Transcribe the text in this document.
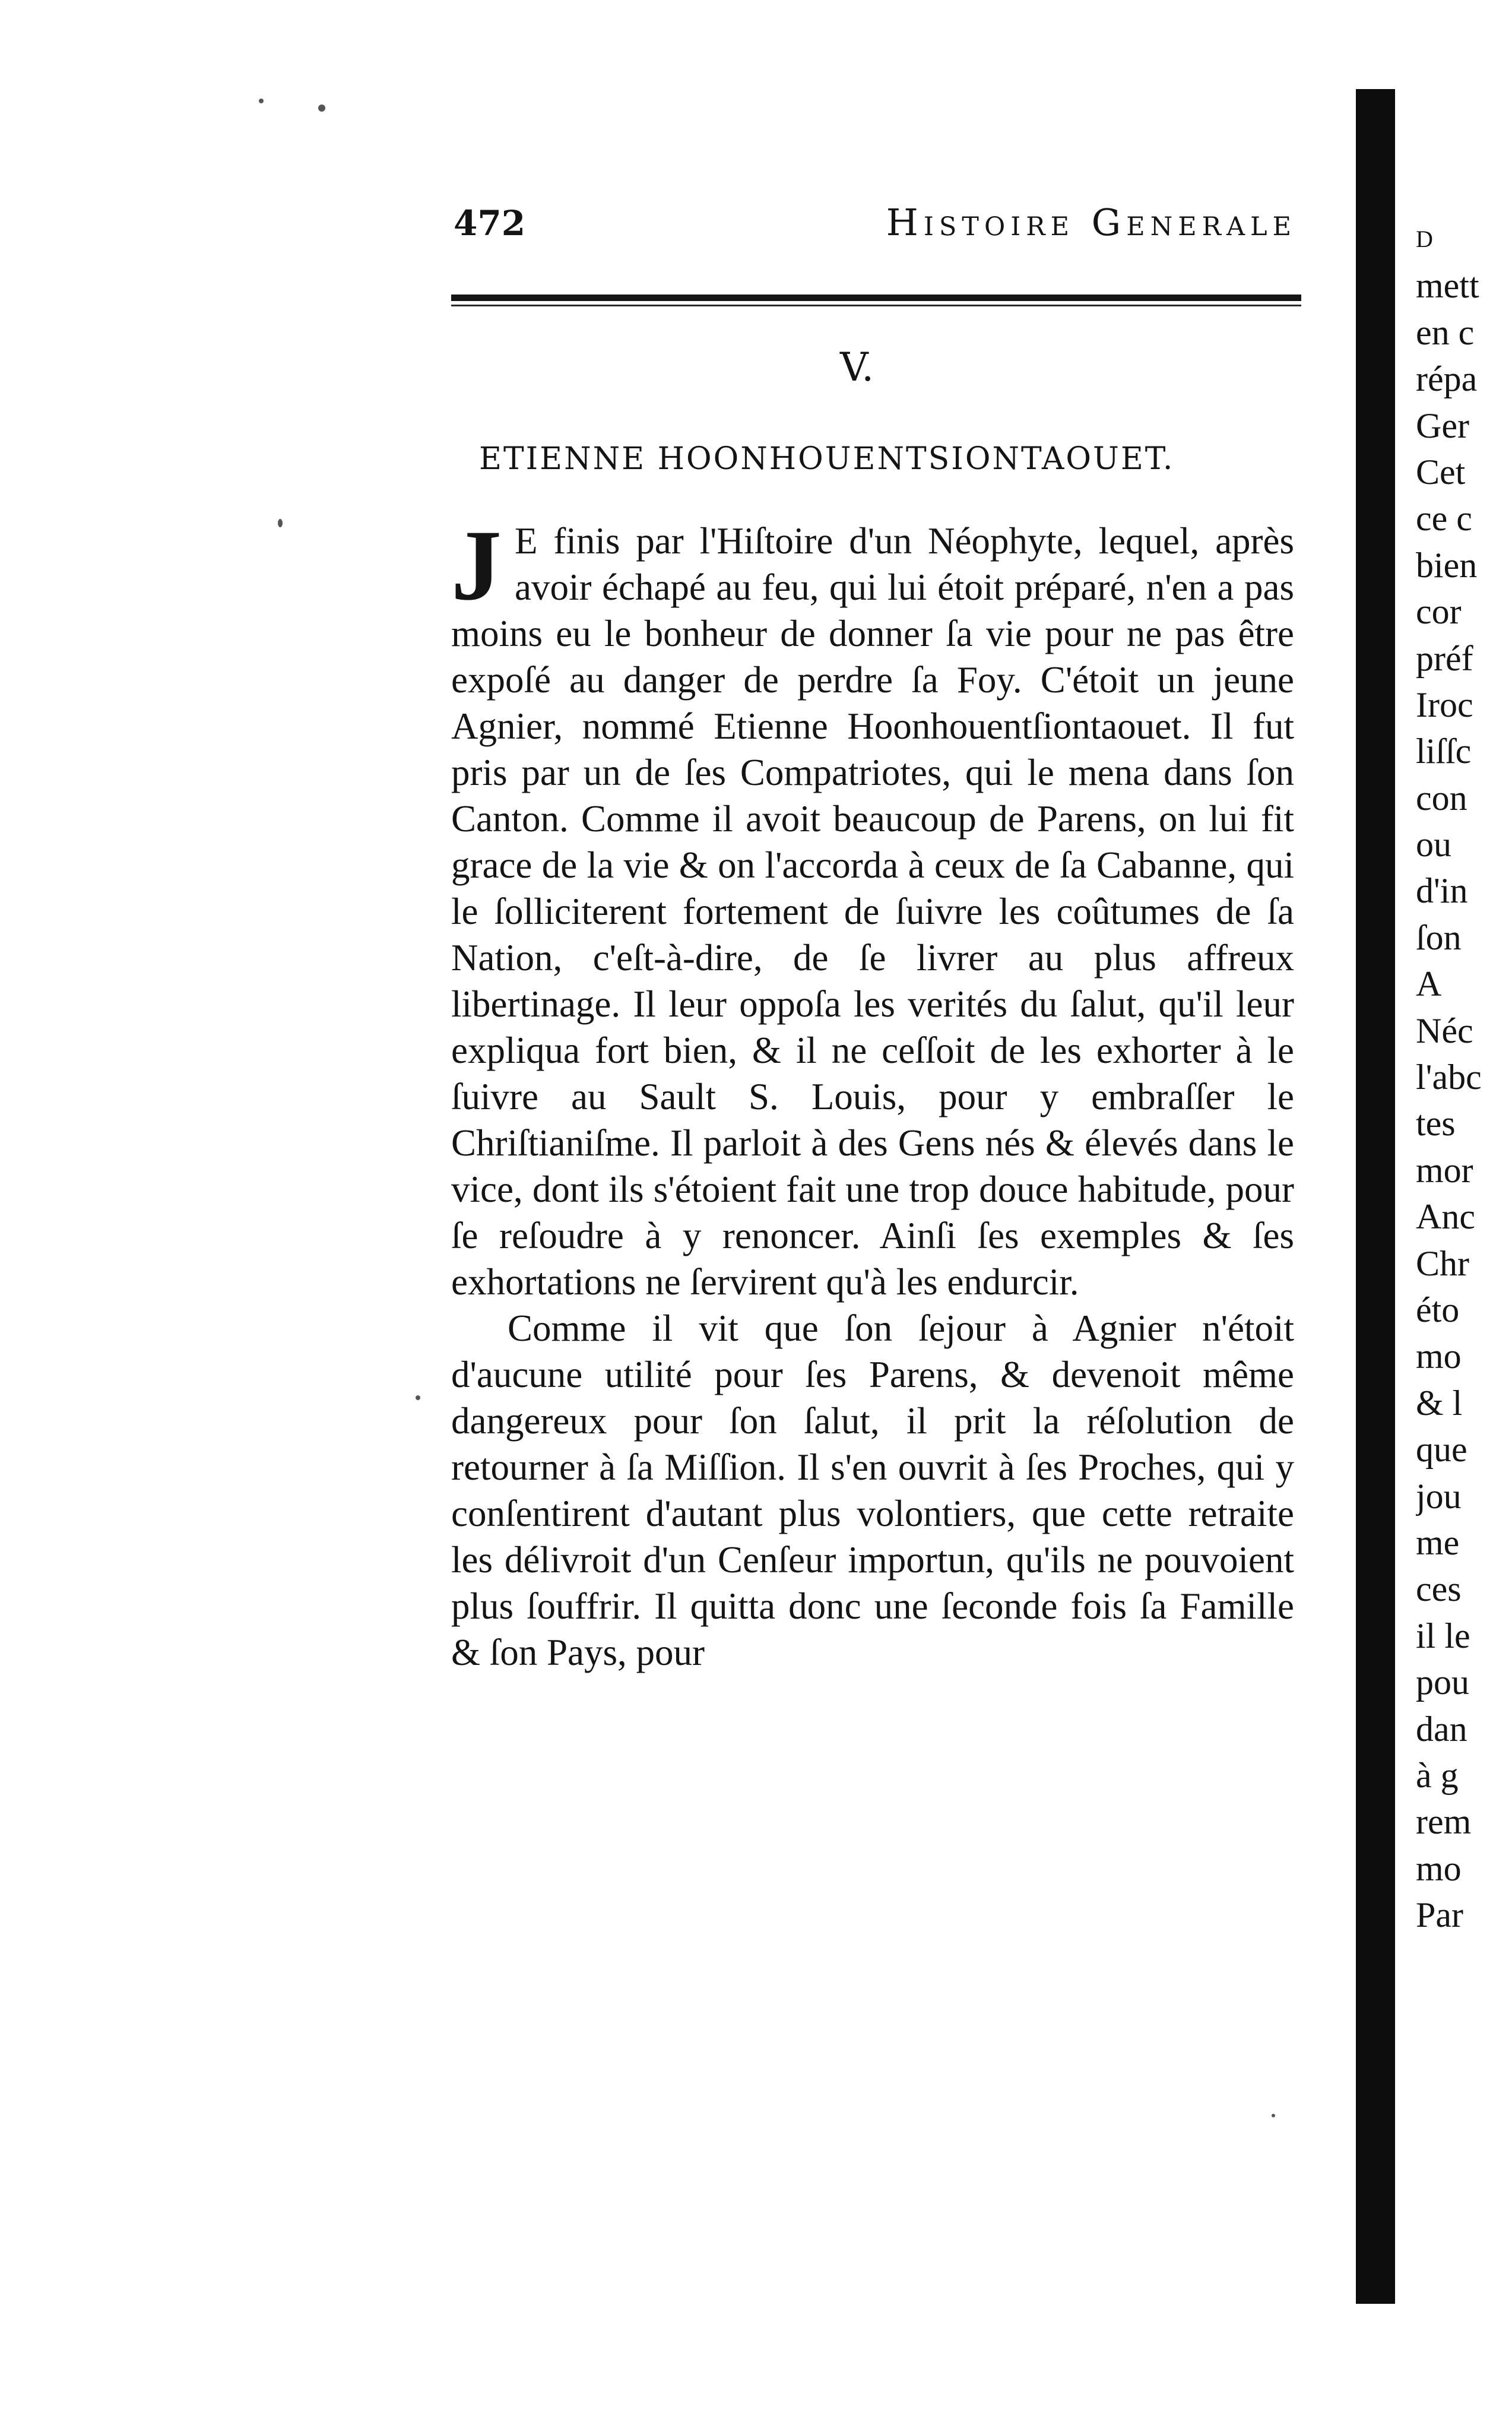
472	Histoire Generale
V.
ETIENNE HOONHOUENTSIONTAOUET.

J E finis par l'Hiſtoire d'un Néophyte, lequel, après avoir échapé au feu, qui lui étoit préparé, n'en a pas moins eu le bonheur de donner ſa vie pour ne pas être expoſé au danger de perdre ſa Foy. C'étoit un jeune Agnier, nommé Etienne Hoonhouentſiontaouet. Il fut pris par un de ſes Compatriotes, qui le mena dans ſon Canton. Comme il avoit beaucoup de Parens, on lui fit grace de la vie & on l'accorda à ceux de ſa Cabanne, qui le ſolliciterent fortement de ſuivre les coûtumes de ſa Nation, c'eſt-à-dire, de ſe livrer au plus affreux libertinage. Il leur oppoſa les verités du ſalut, qu'il leur expliqua fort bien, & il ne ceſſoit de les exhorter à le ſuivre au Sault S. Louis, pour y embraſſer le Chriſtianiſme. Il parloit à des Gens nés & élevés dans le vice, dont ils s'étoient fait une trop douce habitude, pour ſe reſoudre à y renoncer. Ainſi ſes exemples & ſes exhortations ne ſervirent qu'à les endurcir.

Comme il vit que ſon ſejour à Agnier n'étoit d'aucune utilité pour ſes Parens, & devenoit même dangereux pour ſon ſalut, il prit la réſolution de retourner à ſa Miſſion. Il s'en ouvrit à ſes Proches, qui y conſentirent d'autant plus volontiers, que cette retraite les délivroit d'un Cenſeur importun, qu'ils ne pouvoient plus ſouffrir. Il quitta donc une ſeconde fois ſa Famille & ſon Pays, pour

D
mett
en c
répa
Ger
Cet
ce c
bien
cor
préf
Iroc
liſſc
con
ou
d'in
ſon
A
Néc
l'abc
tes
mor
Anc
Chr
éto
mo
& l
que
jou
me
ces
il le
pou
dan
à g
rem
mo
Par
